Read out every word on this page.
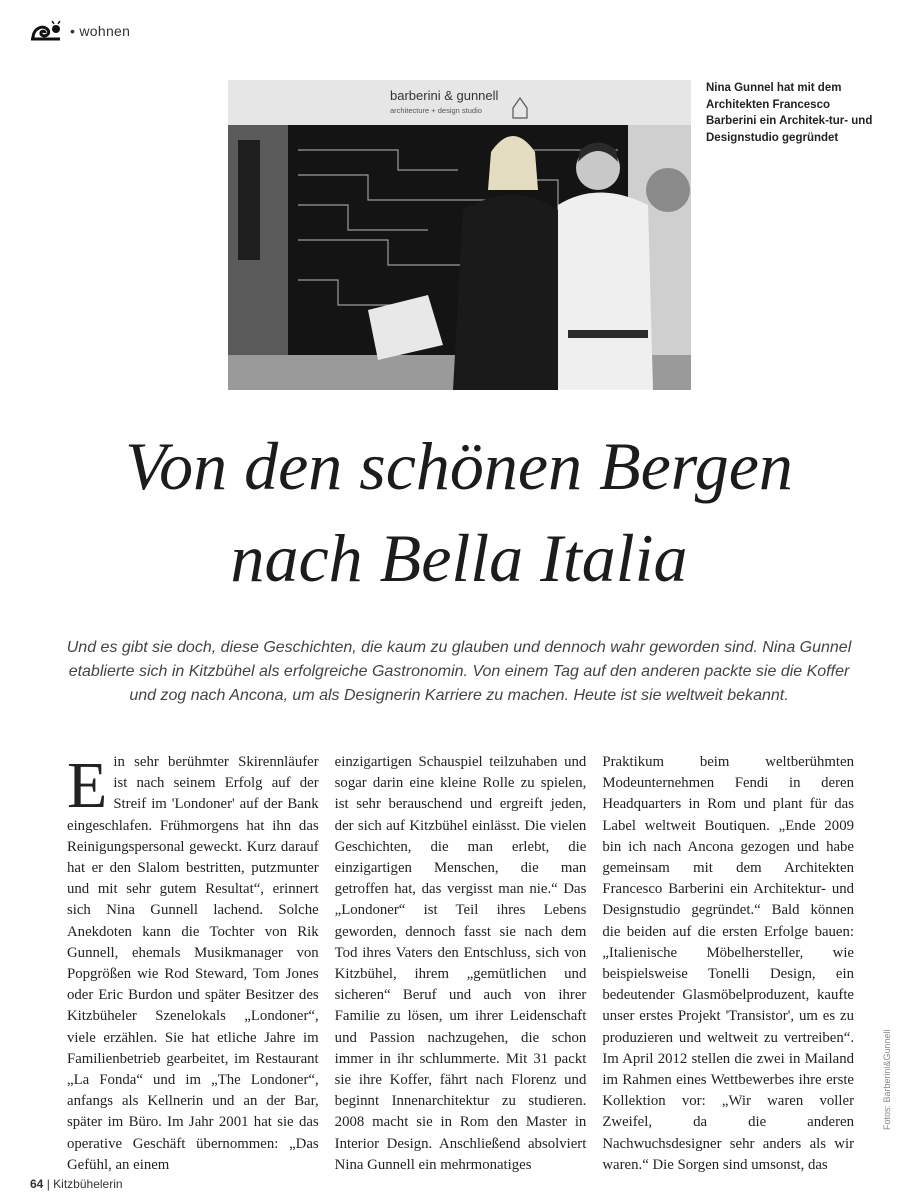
• wohnen
barberini & gunnell
architecture + design studio
Nina Gunnel hat mit dem Architekten Francesco Barberini ein Architek-tur- und Designstudio gegründet
Von den schönen Bergen
nach Bella Italia
Und es gibt sie doch, diese Geschichten, die kaum zu glauben und dennoch wahr geworden sind. Nina Gunnel etablierte sich in Kitzbühel als erfolgreiche Gastronomin. Von einem Tag auf den anderen packte sie die Koffer und zog nach Ancona, um als Designerin Karriere zu machen. Heute ist sie weltweit bekannt.
Ein sehr berühmter Skirennläufer ist nach seinem Erfolg auf der Streif im 'Londoner' auf der Bank eingeschlafen. Frühmorgens hat ihn das Reinigungspersonal geweckt. Kurz darauf hat er den Slalom bestritten, putzmunter und mit sehr gutem Resultat“, erinnert sich Nina Gunnell lachend. Solche Anekdoten kann die Tochter von Rik Gunnell, ehemals Musikmanager von Popgrößen wie Rod Steward, Tom Jones oder Eric Burdon und später Besitzer des Kitzbüheler Szenelokals „Londoner“, viele erzählen. Sie hat etliche Jahre im Familienbetrieb gearbeitet, im Restaurant „La Fonda“ und im „The Londoner“, anfangs als Kellnerin und an der Bar, später im Büro. Im Jahr 2001 hat sie das operative Geschäft übernommen: „Das Gefühl, an einem
einzigartigen Schauspiel teilzuhaben und sogar darin eine kleine Rolle zu spielen, ist sehr berauschend und ergreift jeden, der sich auf Kitzbühel einlässt. Die vielen Geschichten, die man erlebt, die einzigartigen Menschen, die man getroffen hat, das vergisst man nie.“ Das „Londoner“ ist Teil ihres Lebens geworden, dennoch fasst sie nach dem Tod ihres Vaters den Entschluss, sich von Kitzbühel, ihrem „gemütlichen und sicheren“ Beruf und auch von ihrer Familie zu lösen, um ihrer Leidenschaft und Passion nachzugehen, die schon immer in ihr schlummerte. Mit 31 packt sie ihre Koffer, fährt nach Florenz und beginnt Innenarchitektur zu studieren. 2008 macht sie in Rom den Master in Interior Design. Anschließend absolviert Nina Gunnell ein mehrmonatiges
Praktikum beim weltberühmten Modeunternehmen Fendi in deren Headquarters in Rom und plant für das Label weltweit Boutiquen. „Ende 2009 bin ich nach Ancona gezogen und habe gemeinsam mit dem Architekten Francesco Barberini ein Architektur- und Designstudio gegründet.“ Bald können die beiden auf die ersten Erfolge bauen: „Italienische Möbelhersteller, wie beispielsweise Tonelli Design, ein bedeutender Glasmöbelproduzent, kaufte unser erstes Projekt 'Transistor', um es zu produzieren und weltweit zu vertreiben“. Im April 2012 stellen die zwei in Mailand im Rahmen eines Wettbewerbes ihre erste Kollektion vor: „Wir waren voller Zweifel, da die anderen Nachwuchsdesigner sehr anders als wir waren.“ Die Sorgen sind umsonst, das
Fotos: Barberini&Gunnell
64 | Kitzbühelerin
